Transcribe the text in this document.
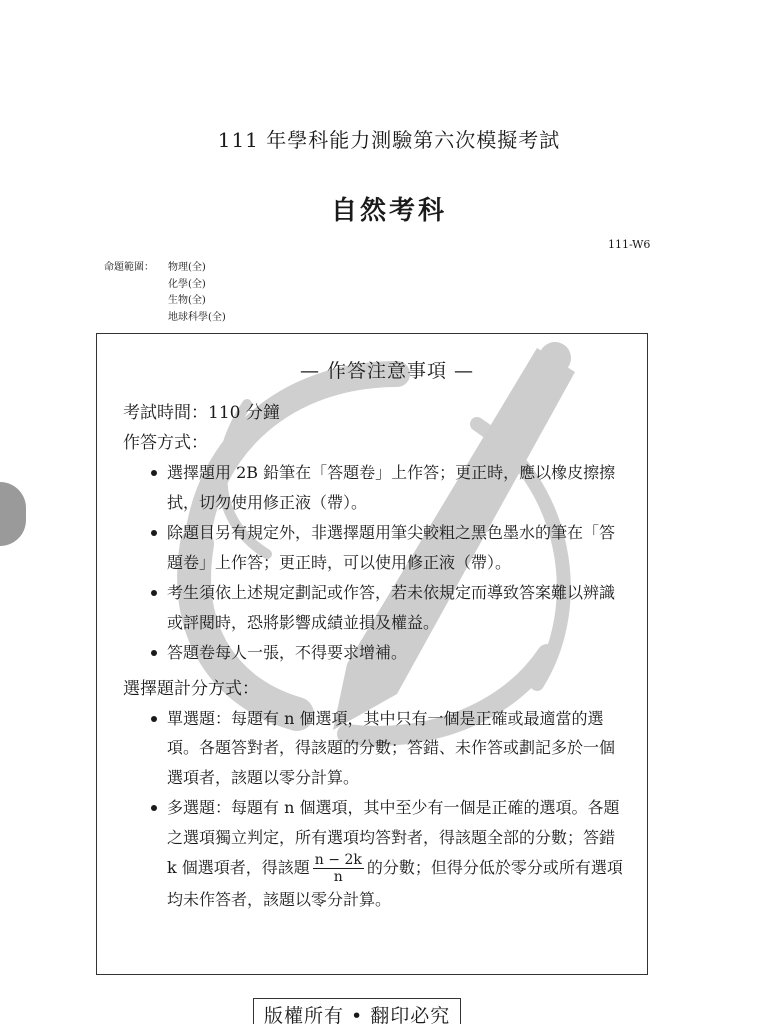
111 年學科能力測驗第六次模擬考試
自然考科
111-W6
命題範圍：	物理(全)
化學(全)
生物(全)
地球科學(全)
— 作答注意事項 —
考試時間：110 分鐘
作答方式：
選擇題用 2B 鉛筆在「答題卷」上作答；更正時，應以橡皮擦擦拭，切勿使用修正液（帶）。
除題目另有規定外，非選擇題用筆尖較粗之黑色墨水的筆在「答題卷」上作答；更正時，可以使用修正液（帶）。
考生須依上述規定劃記或作答，若未依規定而導致答案難以辨識或評閱時，恐將影響成績並損及權益。
答題卷每人一張，不得要求增補。
選擇題計分方式：
單選題：每題有 n 個選項，其中只有一個是正確或最適當的選項。各題答對者，得該題的分數；答錯、未作答或劃記多於一個選項者，該題以零分計算。
多選題：每題有 n 個選項，其中至少有一個是正確的選項。各題之選項獨立判定，所有選項均答對者，得該題全部的分數；答錯 k 個選項者，得該題 $\frac{n - 2k}{n}$ 的分數；但得分低於零分或所有選項均未作答者，該題以零分計算。
版權所有 • 翻印必究
